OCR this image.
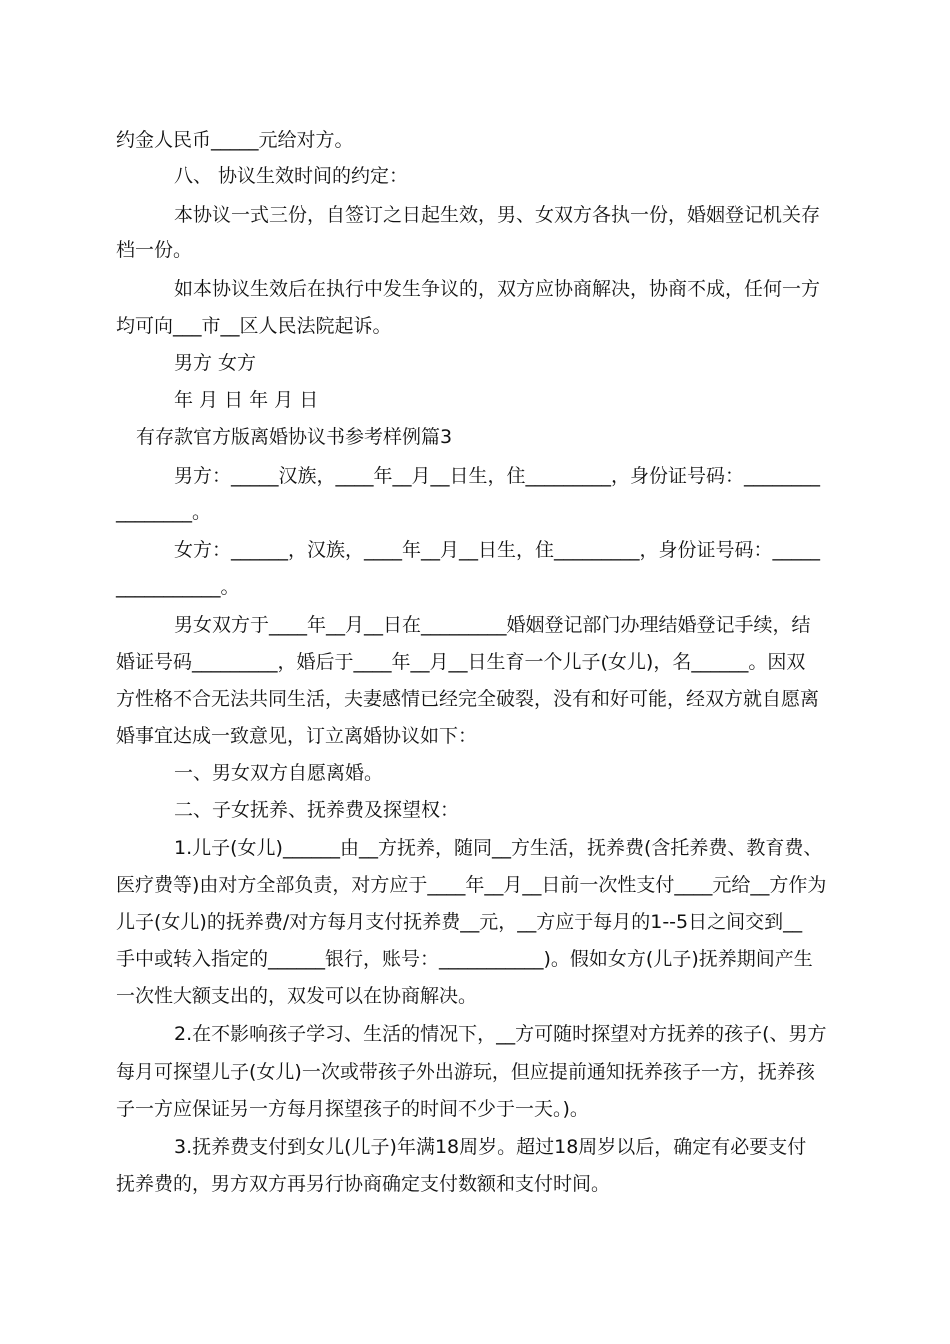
约金人民币_____元给对方。
八、 协议生效时间的约定：
本协议一式三份，自签订之日起生效，男、女双方各执一份，婚姻登记机关存
档一份。
如本协议生效后在执行中发生争议的，双方应协商解决，协商不成，任何一方
均可向___市__区人民法院起诉。
男方 女方
年 月 日 年 月 日
有存款官方版离婚协议书参考样例篇3
男方：_____汉族，____年__月__日生，住_________，身份证号码：________
________。
女方：______，汉族，____年__月__日生，住_________，身份证号码：_____
___________。
男女双方于____年__月__日在_________婚姻登记部门办理结婚登记手续，结
婚证号码_________，婚后于____年__月__日生育一个儿子(女儿)，名______。因双
方性格不合无法共同生活，夫妻感情已经完全破裂，没有和好可能，经双方就自愿离
婚事宜达成一致意见，订立离婚协议如下：
一、男女双方自愿离婚。
二、子女抚养、抚养费及探望权：
1.儿子(女儿)______由__方抚养，随同__方生活，抚养费(含托养费、教育费、
医疗费等)由对方全部负责，对方应于____年__月__日前一次性支付____元给__方作为
儿子(女儿)的抚养费/对方每月支付抚养费__元，__方应于每月的1--5日之间交到__
手中或转入指定的______银行，账号：___________)。假如女方(儿子)抚养期间产生
一次性大额支出的，双发可以在协商解决。
2.在不影响孩子学习、生活的情况下，__方可随时探望对方抚养的孩子(、男方
每月可探望儿子(女儿)一次或带孩子外出游玩，但应提前通知抚养孩子一方，抚养孩
子一方应保证另一方每月探望孩子的时间不少于一天。)。
3.抚养费支付到女儿(儿子)年满18周岁。超过18周岁以后，确定有必要支付
抚养费的，男方双方再另行协商确定支付数额和支付时间。
